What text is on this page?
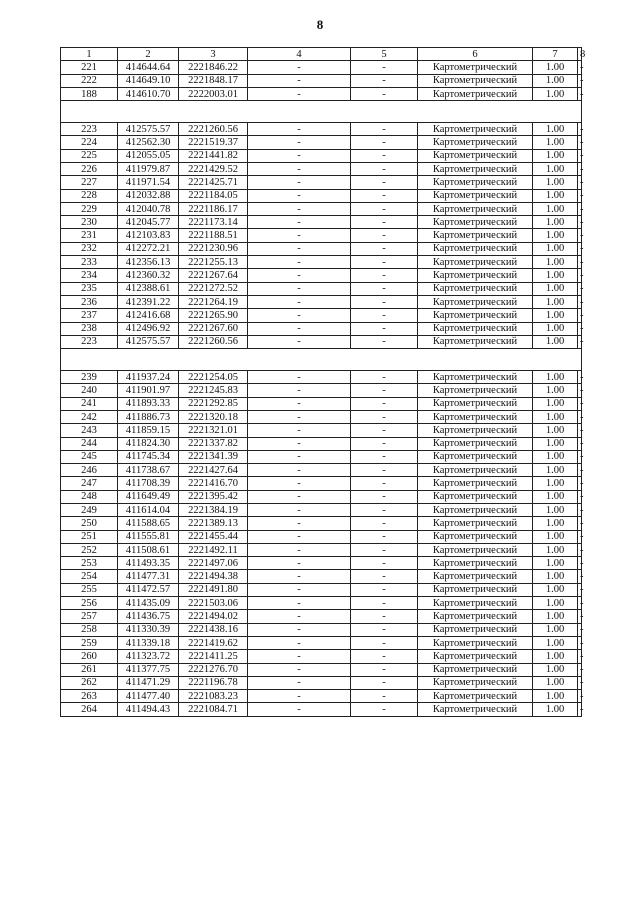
8
1	2	3	4	5	6	7	8
221	414644.64	2221846.22	-	-	Картометрический	1.00	-
222	414649.10	2221848.17	-	-	Картометрический	1.00	-
188	414610.70	2222003.01	-	-	Картометрический	1.00	-

223	412575.57	2221260.56	-	-	Картометрический	1.00	-
224	412562.30	2221519.37	-	-	Картометрический	1.00	-
225	412055.05	2221441.82	-	-	Картометрический	1.00	-
226	411979.87	2221429.52	-	-	Картометрический	1.00	-
227	411971.54	2221425.71	-	-	Картометрический	1.00	-
228	412032.88	2221184.05	-	-	Картометрический	1.00	-
229	412040.78	2221186.17	-	-	Картометрический	1.00	-
230	412045.77	2221173.14	-	-	Картометрический	1.00	-
231	412103.83	2221188.51	-	-	Картометрический	1.00	-
232	412272.21	2221230.96	-	-	Картометрический	1.00	-
233	412356.13	2221255.13	-	-	Картометрический	1.00	-
234	412360.32	2221267.64	-	-	Картометрический	1.00	-
235	412388.61	2221272.52	-	-	Картометрический	1.00	-
236	412391.22	2221264.19	-	-	Картометрический	1.00	-
237	412416.68	2221265.90	-	-	Картометрический	1.00	-
238	412496.92	2221267.60	-	-	Картометрический	1.00	-
223	412575.57	2221260.56	-	-	Картометрический	1.00	-

239	411937.24	2221254.05	-	-	Картометрический	1.00	-
240	411901.97	2221245.83	-	-	Картометрический	1.00	-
241	411893.33	2221292.85	-	-	Картометрический	1.00	-
242	411886.73	2221320.18	-	-	Картометрический	1.00	-
243	411859.15	2221321.01	-	-	Картометрический	1.00	-
244	411824.30	2221337.82	-	-	Картометрический	1.00	-
245	411745.34	2221341.39	-	-	Картометрический	1.00	-
246	411738.67	2221427.64	-	-	Картометрический	1.00	-
247	411708.39	2221416.70	-	-	Картометрический	1.00	-
248	411649.49	2221395.42	-	-	Картометрический	1.00	-
249	411614.04	2221384.19	-	-	Картометрический	1.00	-
250	411588.65	2221389.13	-	-	Картометрический	1.00	-
251	411555.81	2221455.44	-	-	Картометрический	1.00	-
252	411508.61	2221492.11	-	-	Картометрический	1.00	-
253	411493.35	2221497.06	-	-	Картометрический	1.00	-
254	411477.31	2221494.38	-	-	Картометрический	1.00	-
255	411472.57	2221491.80	-	-	Картометрический	1.00	-
256	411435.09	2221503.06	-	-	Картометрический	1.00	-
257	411436.75	2221494.02	-	-	Картометрический	1.00	-
258	411330.39	2221438.16	-	-	Картометрический	1.00	-
259	411339.18	2221419.62	-	-	Картометрический	1.00	-
260	411323.72	2221411.25	-	-	Картометрический	1.00	-
261	411377.75	2221276.70	-	-	Картометрический	1.00	-
262	411471.29	2221196.78	-	-	Картометрический	1.00	-
263	411477.40	2221083.23	-	-	Картометрический	1.00	-
264	411494.43	2221084.71	-	-	Картометрический	1.00	-
